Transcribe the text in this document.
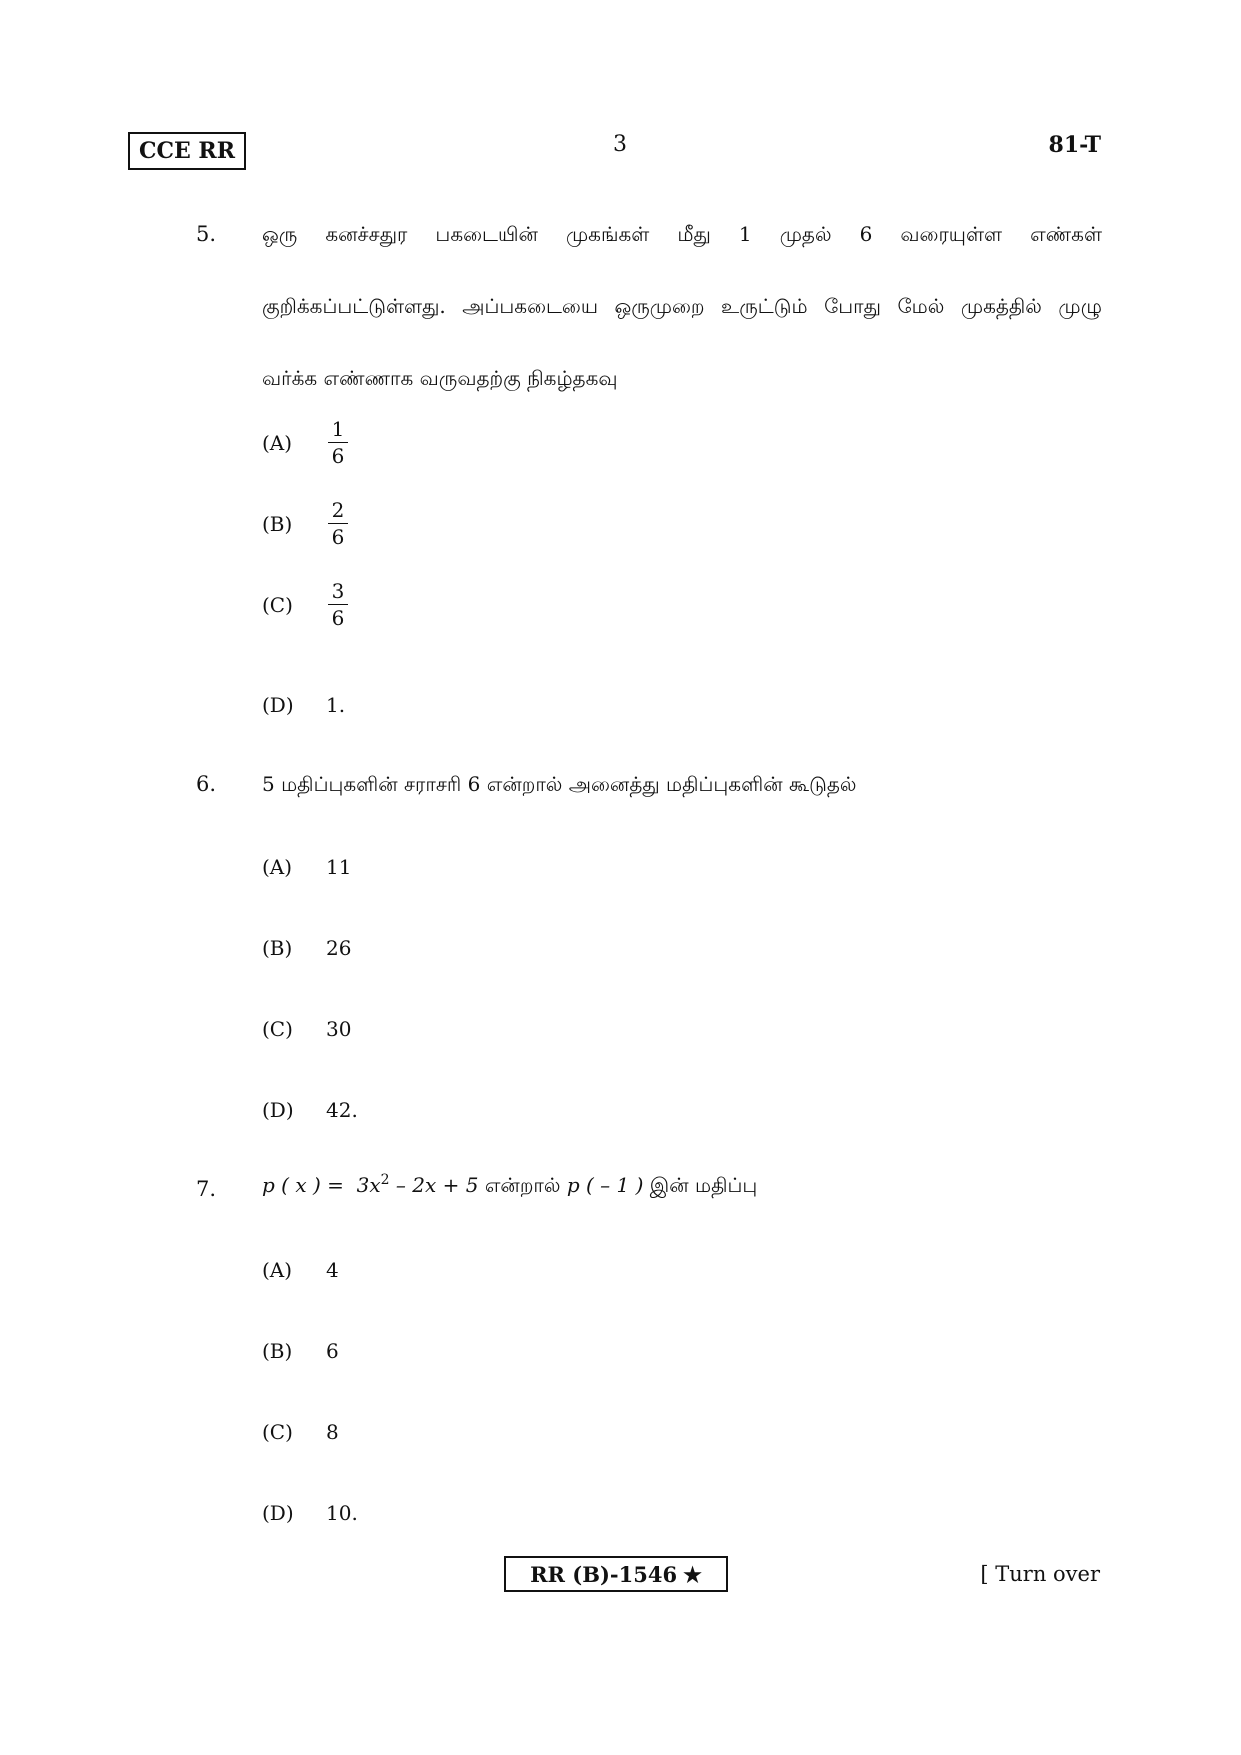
CCE RR	3	81-T
5. ஒரு கனச்சதுர பகடையின் முகங்கள் மீது 1 முதல் 6 வரையுள்ள எண்கள்
குறிக்கப்பட்டுள்ளது. அப்பகடையை ஒருமுறை உருட்டும் போது மேல் முகத்தில் முழு
வர்க்க எண்ணாக வருவதற்கு நிகழ்தகவு
(A)	$\frac{1}{6}$
(B)	$\frac{2}{6}$
(C)	$\frac{3}{6}$
(D)	1.
6. 5 மதிப்புகளின் சராசரி 6 என்றால் அனைத்து மதிப்புகளின் கூடுதல்
(A)	11
(B)	26
(C)	30
(D)	42.
7. p ( x ) = $3x^2 - 2x + 5$ என்றால் p ( – 1 ) இன் மதிப்பு
(A)	4
(B)	6
(C)	8
(D)	10.
RR (B)-1546 ★	[ Turn over
